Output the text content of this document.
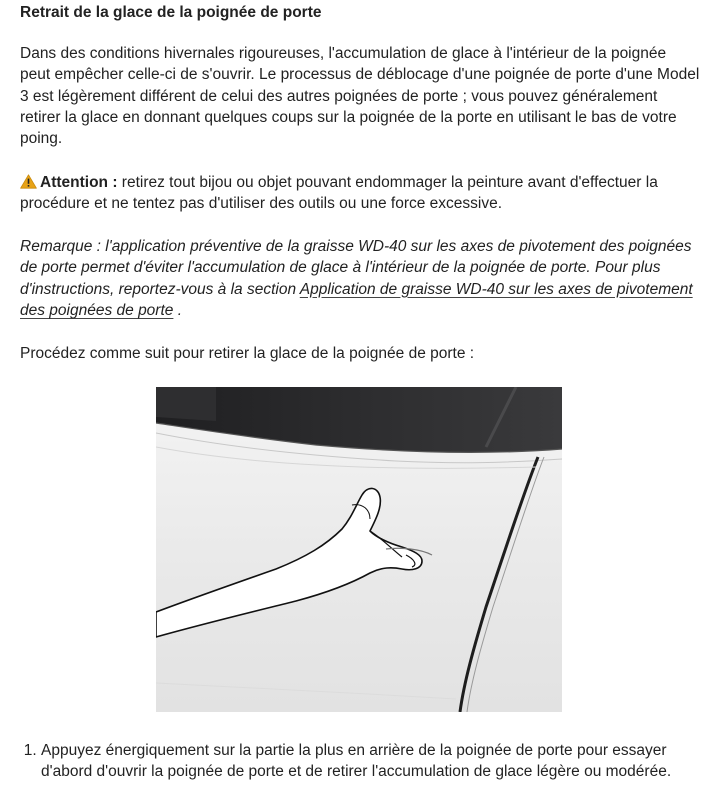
Retrait de la glace de la poignée de porte

Dans des conditions hivernales rigoureuses, l'accumulation de glace à l'intérieur de la poignée peut empêcher celle-ci de s'ouvrir. Le processus de déblocage d'une poignée de porte d'une Model 3 est légèrement différent de celui des autres poignées de porte ; vous pouvez généralement retirer la glace en donnant quelques coups sur la poignée de la porte en utilisant le bas de votre poing.

Attention : retirez tout bijou ou objet pouvant endommager la peinture avant d'effectuer la procédure et ne tentez pas d'utiliser des outils ou une force excessive.

Remarque : l'application préventive de la graisse WD-40 sur les axes de pivotement des poignées de porte permet d'éviter l'accumulation de glace à l'intérieur de la poignée de porte. Pour plus d'instructions, reportez-vous à la section Application de graisse WD-40 sur les axes de pivotement des poignées de porte .

Procédez comme suit pour retirer la glace de la poignée de porte :

1. Appuyez énergiquement sur la partie la plus en arrière de la poignée de porte pour essayer d'abord d'ouvrir la poignée de porte et de retirer l'accumulation de glace légère ou modérée.
